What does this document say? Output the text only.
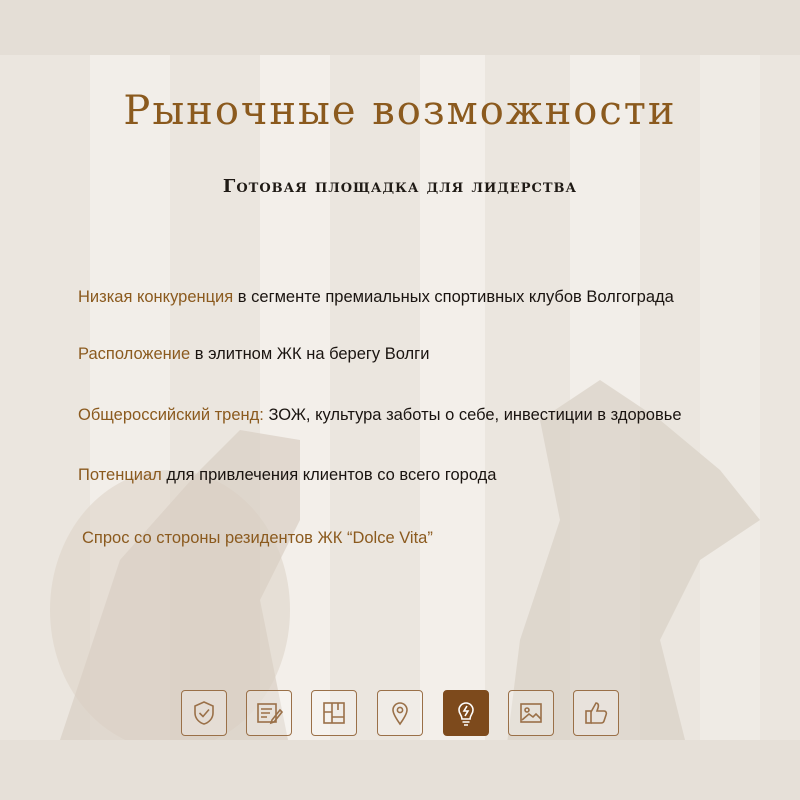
Рыночные возможности
Готовая площадка для лидерства
Низкая конкуренция в сегменте премиальных спортивных клубов Волгограда
Расположение в элитном ЖК на берегу Волги
Общероссийский тренд: ЗОЖ, культура заботы о себе, инвестиции в здоровье
Потенциал для привлечения клиентов со всего города
Спрос со стороны резидентов ЖК “Dolce Vita”
